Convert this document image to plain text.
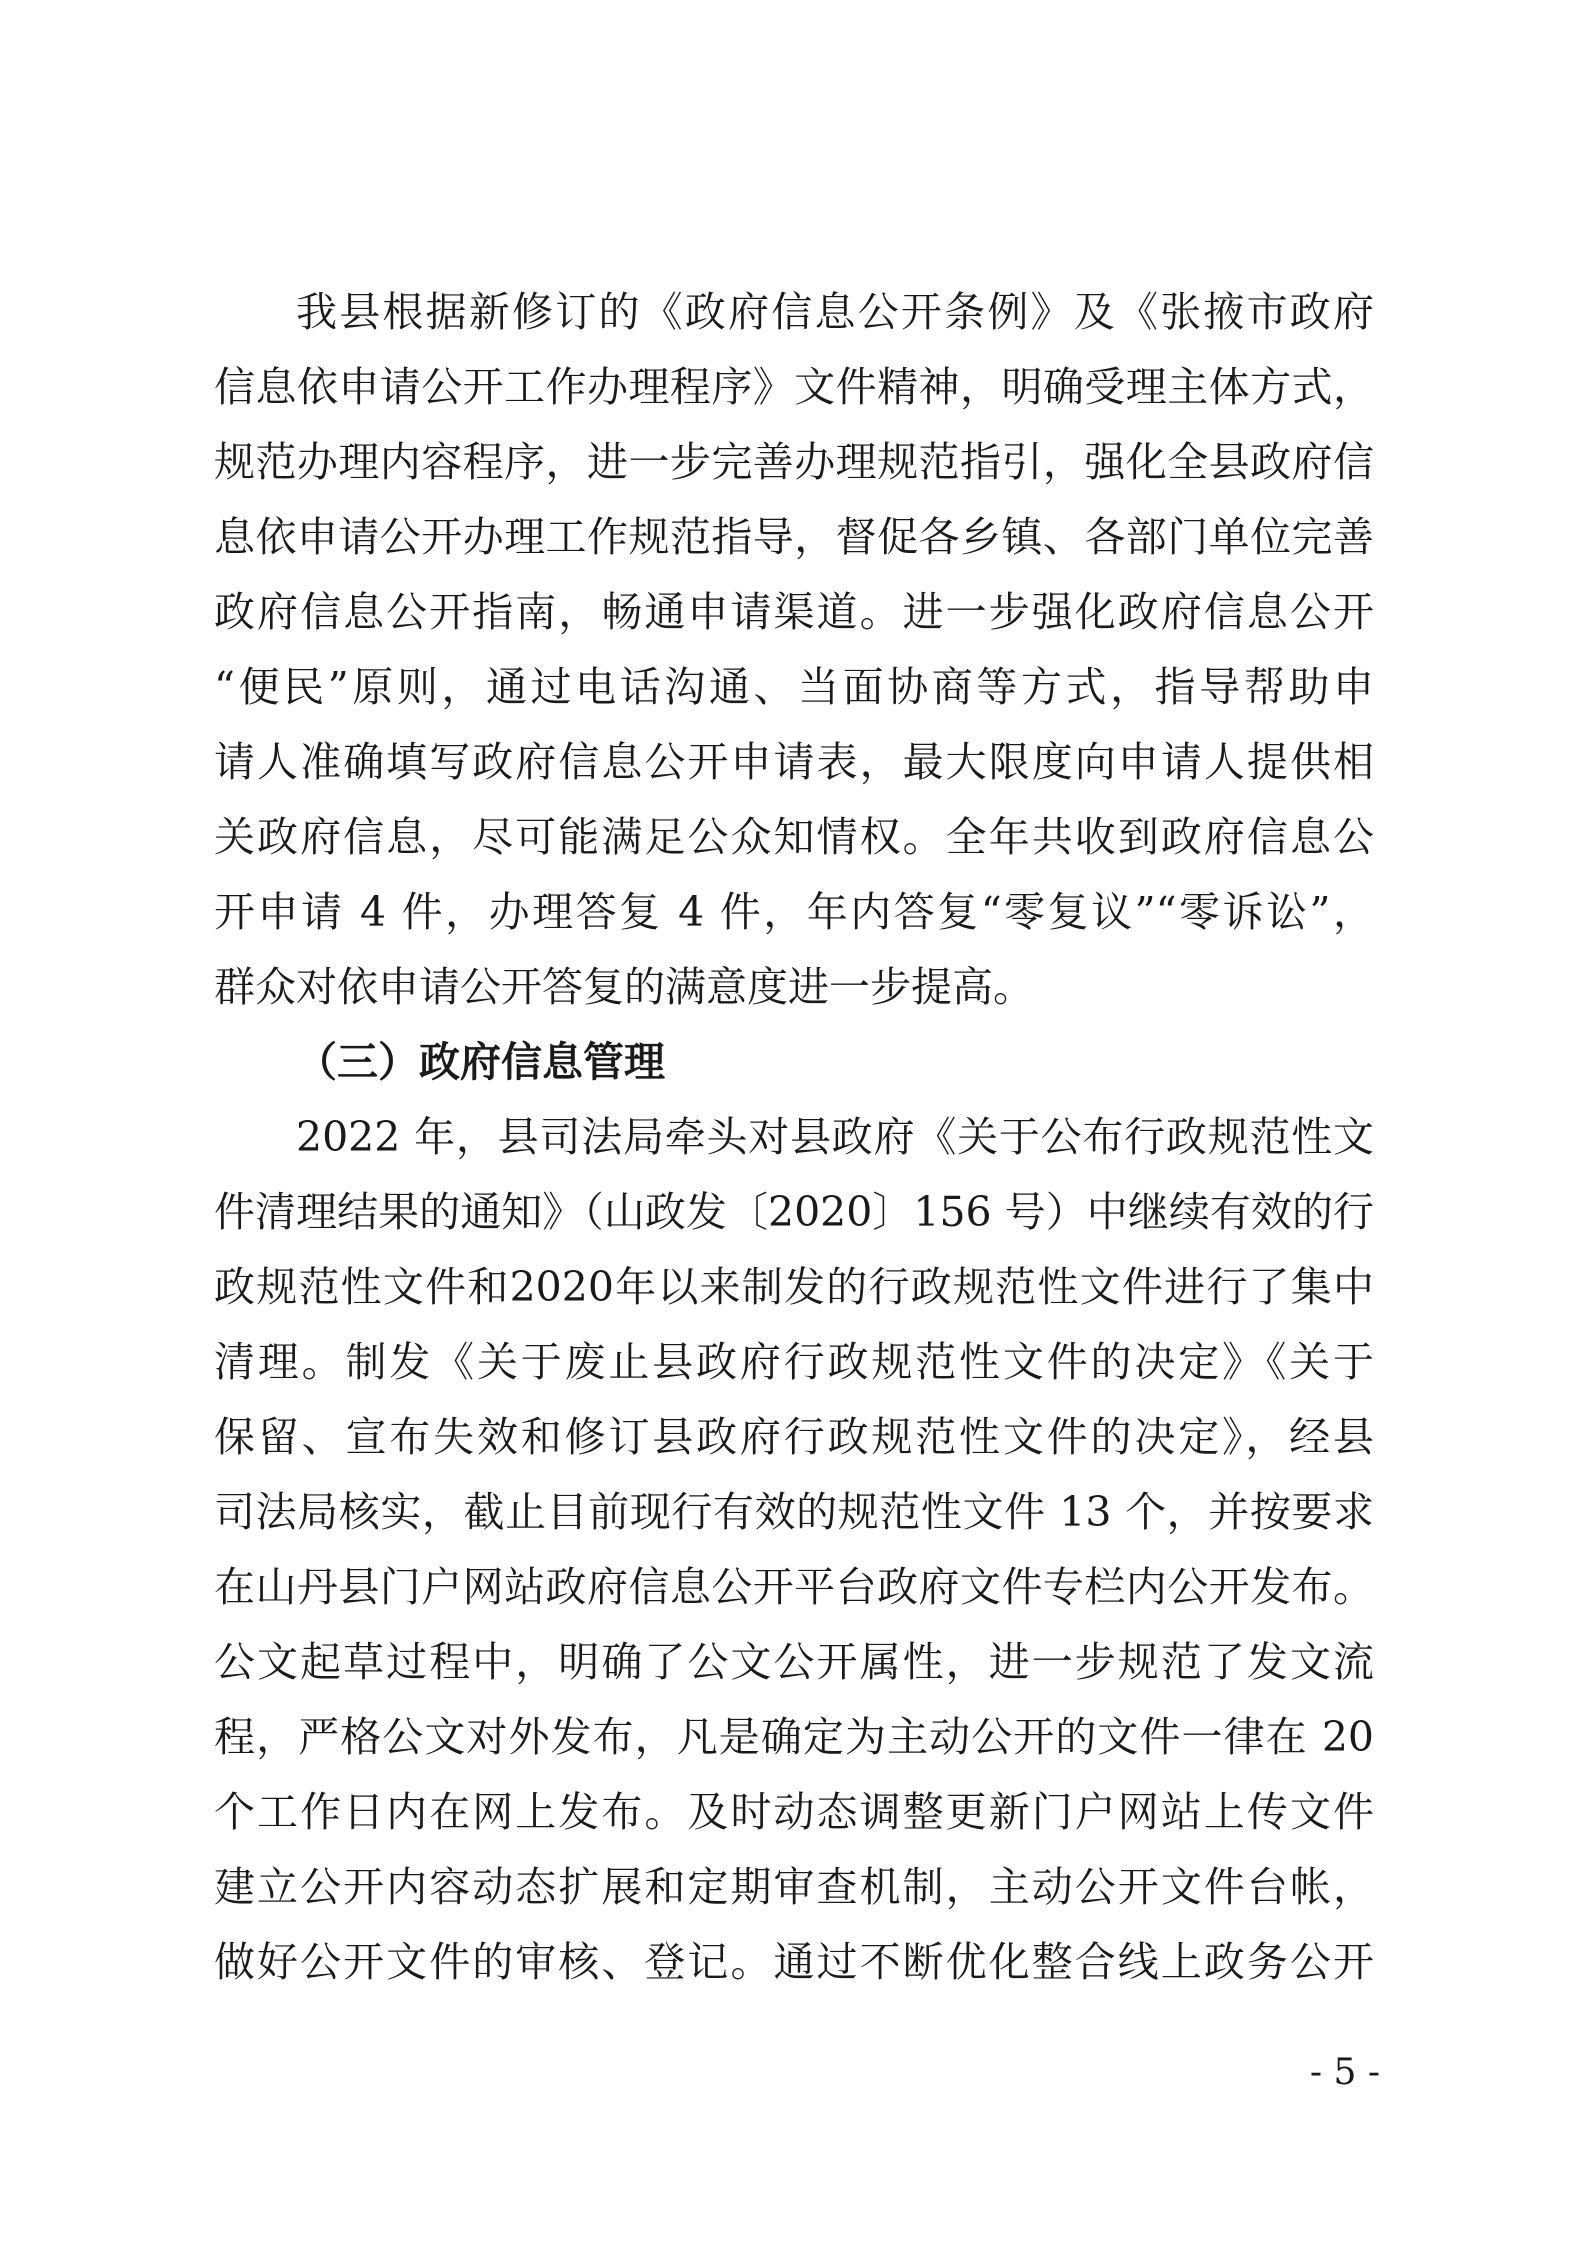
我县根据新修订的《政府信息公开条例》及《张掖市政府
信息依申请公开工作办理程序》文件精神，明确受理主体方式，
规范办理内容程序，进一步完善办理规范指引，强化全县政府信
息依申请公开办理工作规范指导，督促各乡镇、各部门单位完善
政府信息公开指南，畅通申请渠道。进一步强化政府信息公开
“便民”原则，通过电话沟通、当面协商等方式，指导帮助申
请人准确填写政府信息公开申请表，最大限度向申请人提供相
关政府信息，尽可能满足公众知情权。全年共收到政府信息公
开申请 4 件，办理答复 4 件，年内答复“零复议”“零诉讼”，
群众对依申请公开答复的满意度进一步提高。
（三）政府信息管理
2022 年，县司法局牵头对县政府《关于公布行政规范性文
件清理结果的通知》（山政发〔2020〕156 号）中继续有效的行
政规范性文件和2020年以来制发的行政规范性文件进行了集中
清理。制发《关于废止县政府行政规范性文件的决定》《关于
保留、宣布失效和修订县政府行政规范性文件的决定》，经县
司法局核实，截止目前现行有效的规范性文件 13 个，并按要求
在山丹县门户网站政府信息公开平台政府文件专栏内公开发布。
公文起草过程中，明确了公文公开属性，进一步规范了发文流
程，严格公文对外发布，凡是确定为主动公开的文件一律在 20
个工作日内在网上发布。及时动态调整更新门户网站上传文件
建立公开内容动态扩展和定期审查机制，主动公开文件台帐，
做好公开文件的审核、登记。通过不断优化整合线上政务公开
- 5 -
